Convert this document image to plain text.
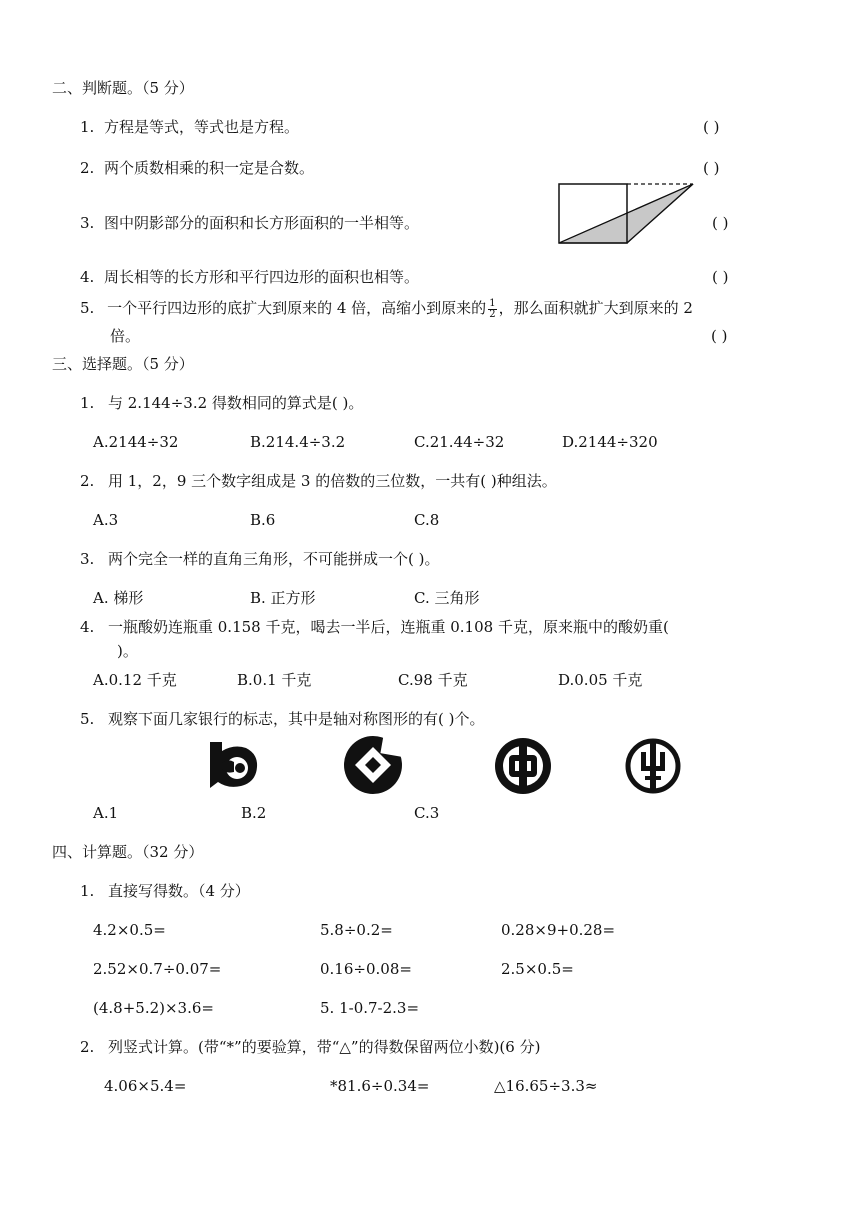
二、判断题。（5 分）
1. 方程是等式，等式也是方程。	( )
2. 两个质数相乘的积一定是合数。	( )
3. 图中阴影部分的面积和长方形面积的一半相等。	( )
4. 周长相等的长方形和平行四边形的面积也相等。	( )
5. 一个平行四边形的底扩大到原来的 4 倍，高缩小到原来的 $\frac{1}{2}$ ，那么面积就扩大到原来的 2
倍。	( )
三、选择题。（5 分）
1. 与 2.144÷3.2 得数相同的算式是( )。
A.2144÷32	B.214.4÷3.2	C.21.44÷32	D.2144÷320
2. 用 1，2，9 三个数字组成是 3 的倍数的三位数，一共有( )种组法。
A.3	B.6	C.8
3. 两个完全一样的直角三角形，不可能拼成一个( )。
A. 梯形	B. 正方形	C. 三角形
4. 一瓶酸奶连瓶重 0.158 千克，喝去一半后，连瓶重 0.108 千克，原来瓶中的酸奶重(
)。
A.0.12 千克	B.0.1 千克	C.98 千克	D.0.05 千克
5. 观察下面几家银行的标志，其中是轴对称图形的有( )个。
A.1	B.2	C.3
四、计算题。（32 分）
1. 直接写得数。（4 分）
4.2×0.5=	5.8÷0.2=	0.28×9+0.28=
2.52×0.7÷0.07=	0.16÷0.08=	2.5×0.5=
(4.8+5.2)×3.6=	5. 1-0.7-2.3=
2. 列竖式计算。(带“*”的要验算，带“△”的得数保留两位小数)(6 分)
4.06×5.4=	*81.6÷0.34=	△16.65÷3.3≈
